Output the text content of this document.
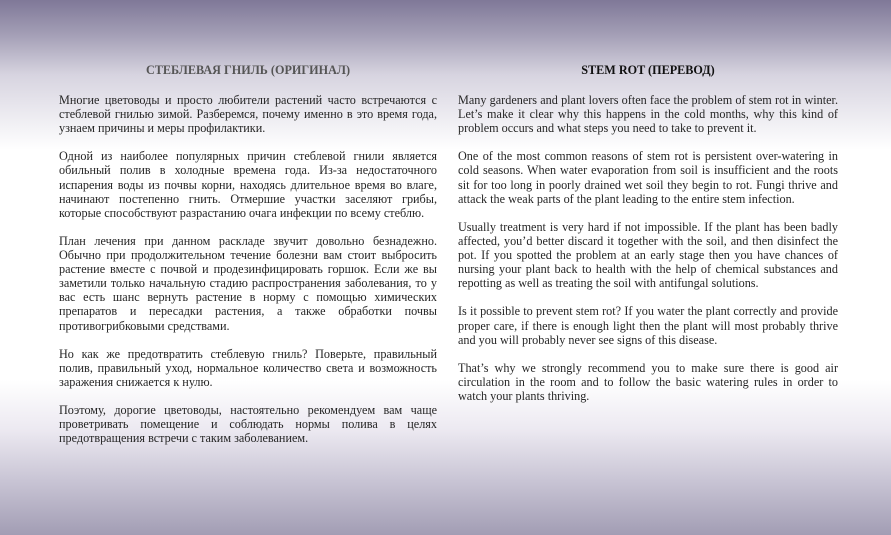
СТЕБЛЕВАЯ ГНИЛЬ (ОРИГИНАЛ)

Многие цветоводы и просто любители растений часто встречаются с стеблевой гнилью зимой. Разберемся, почему именно в это время года, узнаем причины и меры профилактики.

Одной из наиболее популярных причин стеблевой гнили является обильный полив в холодные времена года. Из-за недостаточного испарения воды из почвы корни, находясь длительное время во влаге, начинают постепенно гнить. Отмершие участки заселяют грибы, которые способствуют разрастанию очага инфекции по всему стеблю.

План лечения при данном раскладе звучит довольно безнадежно. Обычно при продолжительном течение болезни вам стоит выбросить растение вместе с почвой и продезинфицировать горшок. Если же вы заметили только начальную стадию распространения заболевания, то у вас есть шанс вернуть растение в норму с помощью химических препаратов и пересадки растения, а также обработки почвы противогрибковыми средствами.

Но как же предотвратить стеблевую гниль? Поверьте, правильный полив, правильный уход, нормальное количество света и возможность заражения снижается к нулю.

Поэтому, дорогие цветоводы, настоятельно рекомендуем вам чаще проветривать помещение и соблюдать нормы полива в целях предотвращения встречи с таким заболеванием.

STEM ROT (ПЕРЕВОД)

Many gardeners and plant lovers often face the problem of stem rot in winter. Let’s make it clear why this happens in the cold months, why this kind of problem occurs and what steps you need to take to prevent it.

One of the most common reasons of stem rot is persistent over-watering in cold seasons. When water evaporation from soil is insufficient and the roots sit for too long in poorly drained wet soil they begin to rot. Fungi thrive and attack the weak parts of the plant leading to the entire stem infection.

Usually treatment is very hard if not impossible. If the plant has been badly affected, you’d better discard it together with the soil, and then disinfect the pot. If you spotted the problem at an early stage then you have chances of nursing your plant back to health with the help of chemical substances and repotting as well as treating the soil with antifungal solutions.

Is it possible to prevent stem rot? If you water the plant correctly and provide proper care, if there is enough light then the plant will most probably thrive and you will probably never see signs of this disease.

That’s why we strongly recommend you to make sure there is good air circulation in the room and to follow the basic watering rules in order to watch your plants thriving.
